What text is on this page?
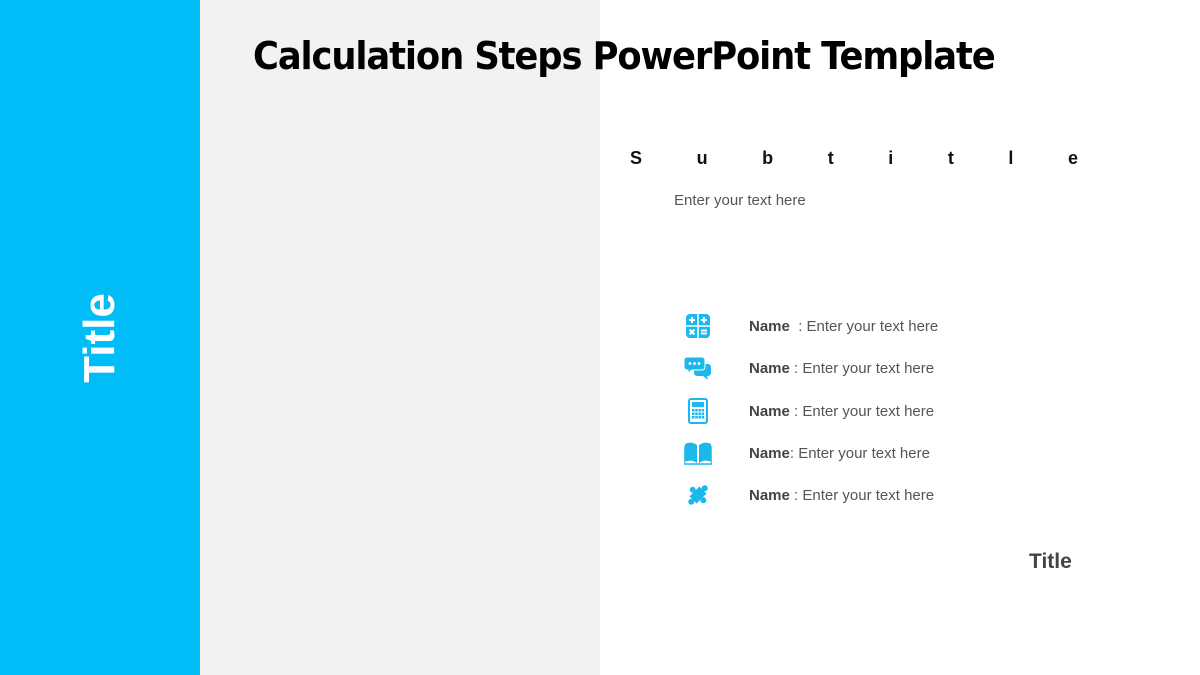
Title
Calculation Steps PowerPoint Template
S	u	b	t	i	t	l	e
Enter your text here
Name  : Enter your text here
Name : Enter your text here
Name : Enter your text here
Name: Enter your text here
Name : Enter your text here
Title
